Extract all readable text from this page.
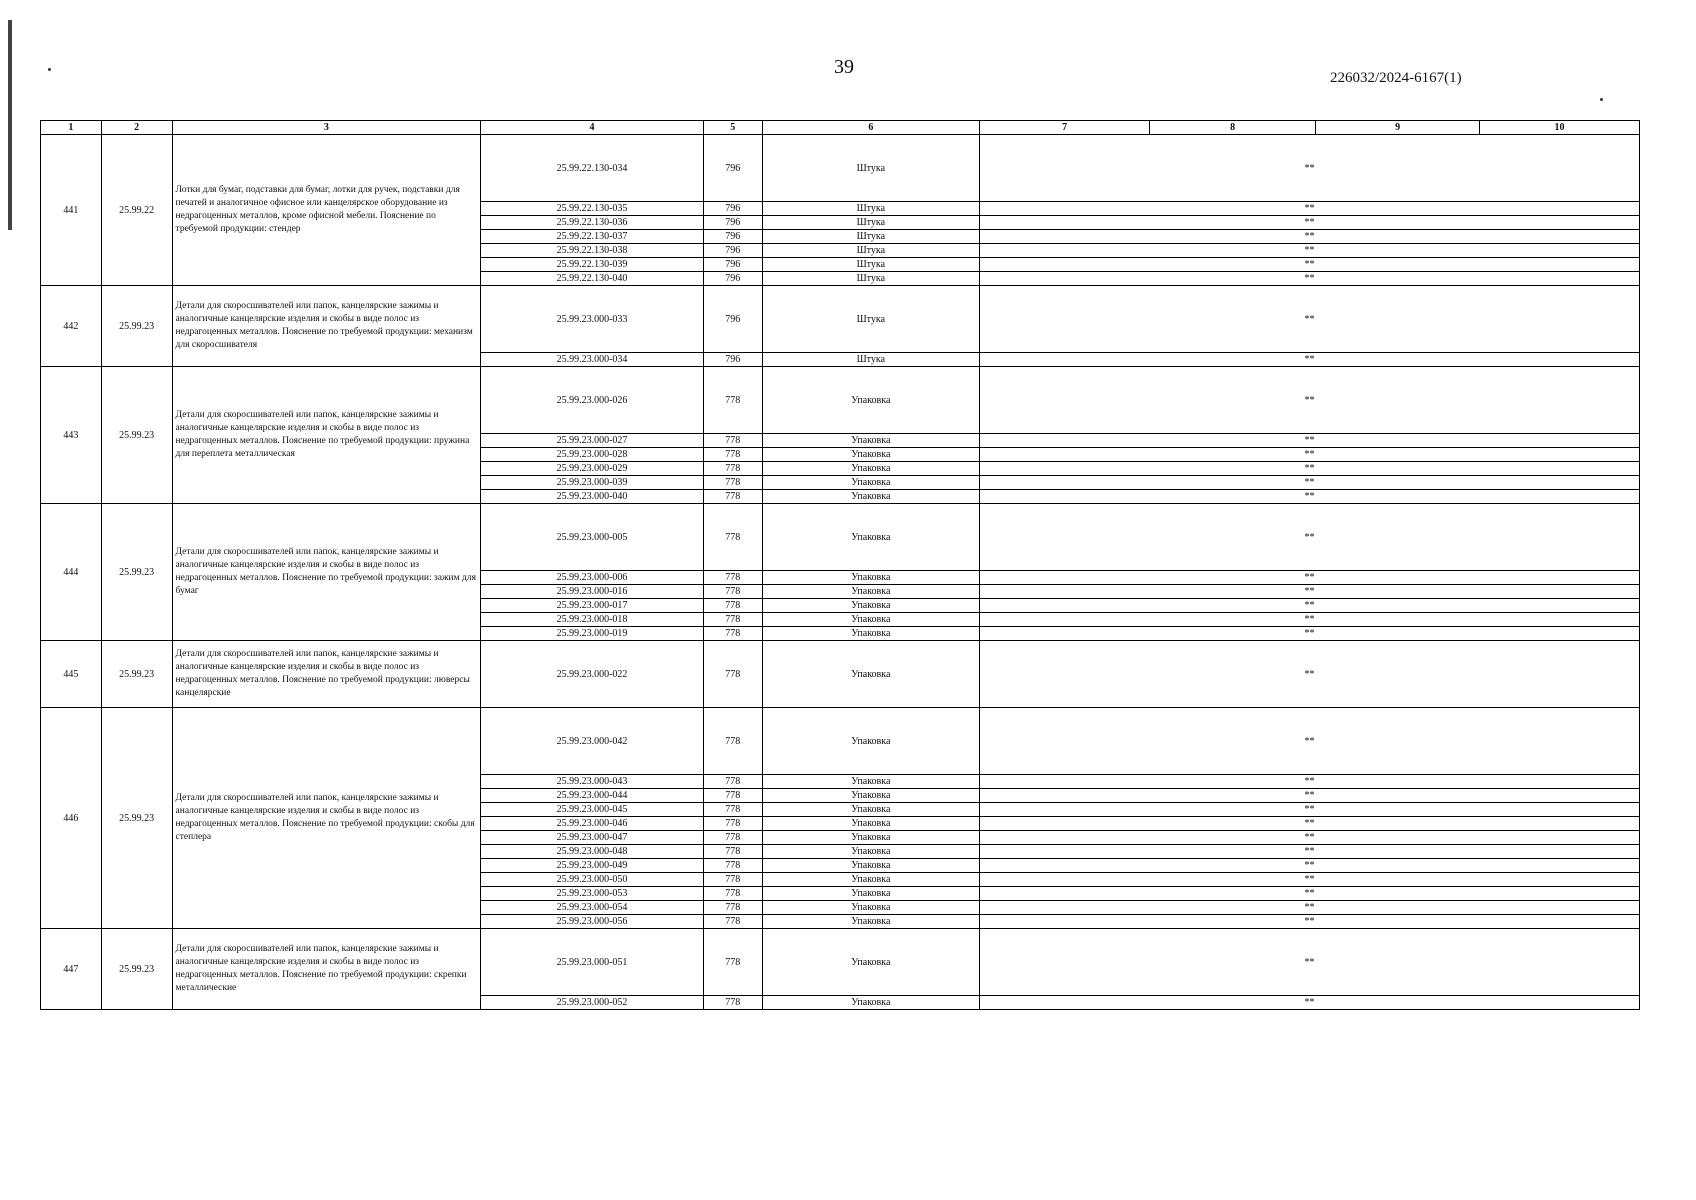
39	226032/2024-6167(1)
1	2	3	4	5	6	7	8	9	10
441	25.99.22	Лотки для бумаг, подставки для бумаг, лотки для ручек, подставки для печатей и аналогичное офисное или канцелярское оборудование из недрагоценных металлов, кроме офисной мебели. Пояснение по требуемой продукции: стендер	25.99.22.130-034	796	Штука	**			
			25.99.22.130-035	796	Штука	**			
			25.99.22.130-036	796	Штука	**			
			25.99.22.130-037	796	Штука	**			
			25.99.22.130-038	796	Штука	**			
			25.99.22.130-039	796	Штука	**			
			25.99.22.130-040	796	Штука	**			
442	25.99.23	Детали для скоросшивателей или папок, канцелярские зажимы и аналогичные канцелярские изделия и скобы в виде полос из недрагоценных металлов. Пояснение по требуемой продукции: механизм для скоросшивателя	25.99.23.000-033	796	Штука	**			
			25.99.23.000-034	796	Штука	**			
443	25.99.23	Детали для скоросшивателей или папок, канцелярские зажимы и аналогичные канцелярские изделия и скобы в виде полос из недрагоценных металлов. Пояснение по требуемой продукции: пружина для переплета металлическая	25.99.23.000-026	778	Упаковка	**			
			25.99.23.000-027	778	Упаковка	**			
			25.99.23.000-028	778	Упаковка	**			
			25.99.23.000-029	778	Упаковка	**			
			25.99.23.000-039	778	Упаковка	**			
			25.99.23.000-040	778	Упаковка	**			
444	25.99.23	Детали для скоросшивателей или папок, канцелярские зажимы и аналогичные канцелярские изделия и скобы в виде полос из недрагоценных металлов. Пояснение по требуемой продукции: зажим для бумаг	25.99.23.000-005	778	Упаковка	**			
			25.99.23.000-006	778	Упаковка	**			
			25.99.23.000-016	778	Упаковка	**			
			25.99.23.000-017	778	Упаковка	**			
			25.99.23.000-018	778	Упаковка	**			
			25.99.23.000-019	778	Упаковка	**			
445	25.99.23	Детали для скоросшивателей или папок, канцелярские зажимы и аналогичные канцелярские изделия и скобы в виде полос из недрагоценных металлов. Пояснение по требуемой продукции: люверсы канцелярские	25.99.23.000-022	778	Упаковка	**			
446	25.99.23	Детали для скоросшивателей или папок, канцелярские зажимы и аналогичные канцелярские изделия и скобы в виде полос из недрагоценных металлов. Пояснение по требуемой продукции: скобы для степлера	25.99.23.000-042	778	Упаковка	**			
			25.99.23.000-043	778	Упаковка	**			
			25.99.23.000-044	778	Упаковка	**			
			25.99.23.000-045	778	Упаковка	**			
			25.99.23.000-046	778	Упаковка	**			
			25.99.23.000-047	778	Упаковка	**			
			25.99.23.000-048	778	Упаковка	**			
			25.99.23.000-049	778	Упаковка	**			
			25.99.23.000-050	778	Упаковка	**			
			25.99.23.000-053	778	Упаковка	**			
			25.99.23.000-054	778	Упаковка	**			
			25.99.23.000-056	778	Упаковка	**			
447	25.99.23	Детали для скоросшивателей или папок, канцелярские зажимы и аналогичные канцелярские изделия и скобы в виде полос из недрагоценных металлов. Пояснение по требуемой продукции: скрепки металлические	25.99.23.000-051	778	Упаковка	**			
			25.99.23.000-052	778	Упаковка	**			
